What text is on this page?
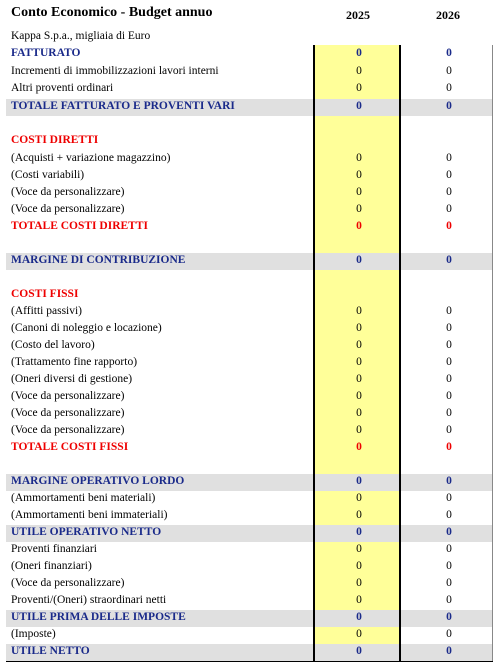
Conto Economico - Budget annuo	2025	2026
Kappa S.p.a., migliaia di Euro
FATTURATO	0	0
Incrementi di immobilizzazioni lavori interni	0	0
Altri proventi ordinari	0	0
TOTALE FATTURATO E PROVENTI VARI	0	0
COSTI DIRETTI
(Acquisti + variazione magazzino)	0	0
(Costi variabili)	0	0
(Voce da personalizzare)	0	0
(Voce da personalizzare)	0	0
TOTALE COSTI DIRETTI	0	0
MARGINE DI CONTRIBUZIONE	0	0
COSTI FISSI
(Affitti passivi)	0	0
(Canoni di noleggio e locazione)	0	0
(Costo del lavoro)	0	0
(Trattamento fine rapporto)	0	0
(Oneri diversi di gestione)	0	0
(Voce da personalizzare)	0	0
(Voce da personalizzare)	0	0
(Voce da personalizzare)	0	0
TOTALE COSTI FISSI	0	0
MARGINE OPERATIVO LORDO	0	0
(Ammortamenti beni materiali)	0	0
(Ammortamenti beni immateriali)	0	0
UTILE OPERATIVO NETTO	0	0
Proventi finanziari	0	0
(Oneri finanziari)	0	0
(Voce da personalizzare)	0	0
Proventi/(Oneri) straordinari netti	0	0
UTILE PRIMA DELLE IMPOSTE	0	0
(Imposte)	0	0
UTILE NETTO	0	0
